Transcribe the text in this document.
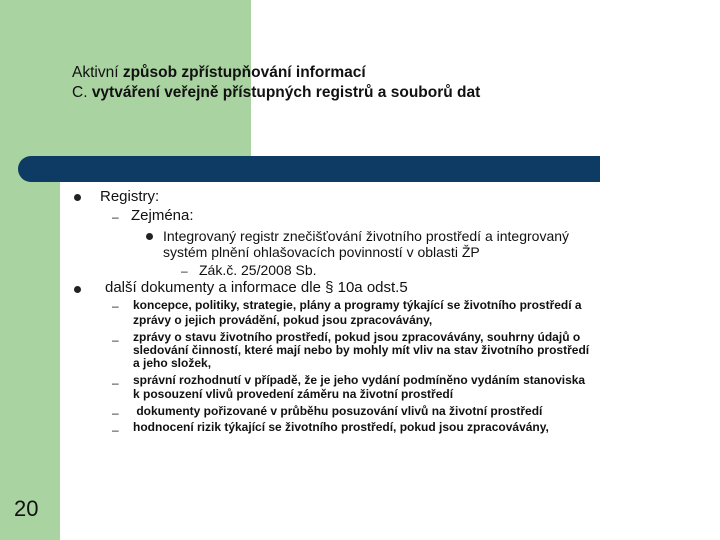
Aktivní způsob zpřístupňování informací
C. vytváření veřejně přístupných registrů a souborů dat
Registry:
– Zejména:
Integrovaný registr znečišťování životního prostředí a integrovaný
systém plnění ohlašovacích povinností v oblasti ŽP
– Zák.č. 25/2008 Sb.
další dokumenty a informace dle § 10a odst.5
– koncepce, politiky, strategie, plány a programy týkající se životního prostředí a
zprávy o jejich provádění, pokud jsou zpracovávány,
– zprávy o stavu životního prostředí, pokud jsou zpracovávány, souhrny údajů o
sledování činností, které mají nebo by mohly mít vliv na stav životního prostředí
a jeho složek,
– správní rozhodnutí v případě, že je jeho vydání podmíněno vydáním stanoviska
k posouzení vlivů provedení záměru na životní prostředí
– dokumenty pořizované v průběhu posuzování vlivů na životní prostředí
– hodnocení rizik týkající se životního prostředí, pokud jsou zpracovávány,
20
